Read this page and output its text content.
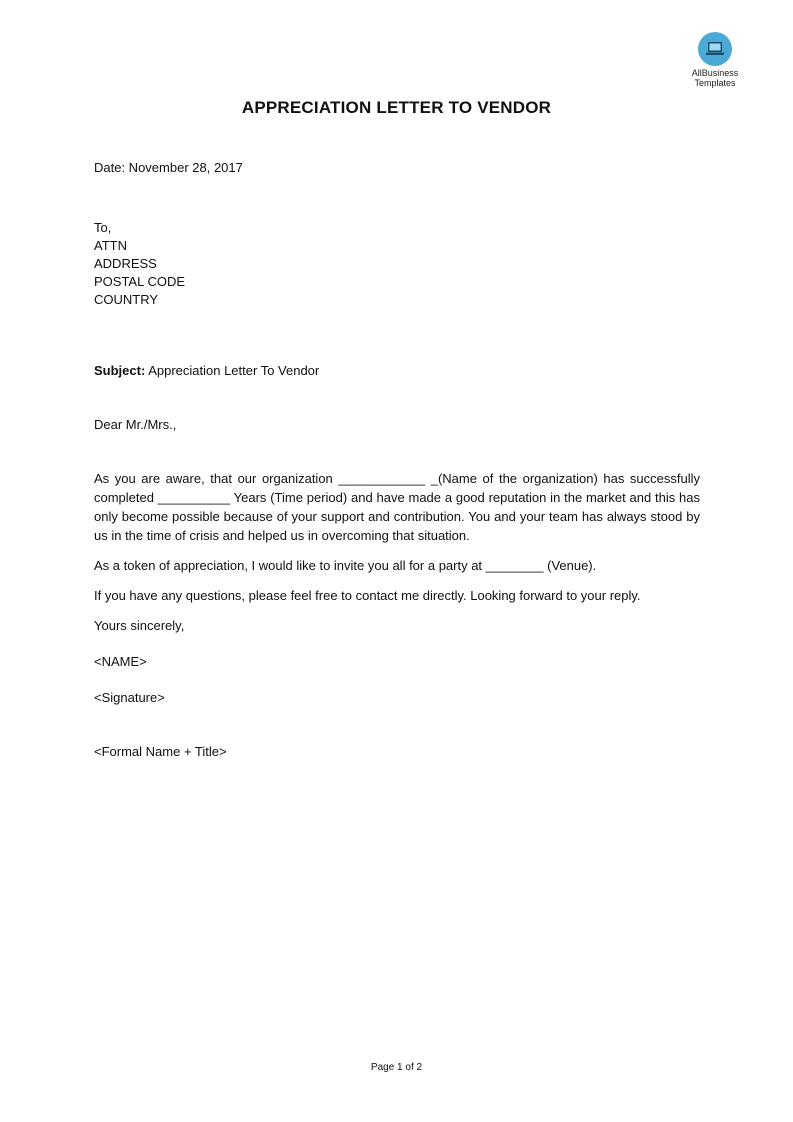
AllBusiness
Templates
APPRECIATION LETTER TO VENDOR
Date: November 28, 2017
To,
ATTN
ADDRESS
POSTAL CODE
COUNTRY
Subject: Appreciation Letter To Vendor
Dear Mr./Mrs.,
As you are aware, that our organization ____________ _(Name of the organization) has successfully completed __________ Years (Time period) and have made a good reputation in the market and this has only become possible because of your support and contribution. You and your team has always stood by us in the time of crisis and helped us in overcoming that situation.
As a token of appreciation, I would like to invite you all for a party at ________ (Venue).
If you have any questions, please feel free to contact me directly. Looking forward to your reply.
Yours sincerely,
<NAME>
<Signature>
<Formal Name + Title>
Page 1 of 2
